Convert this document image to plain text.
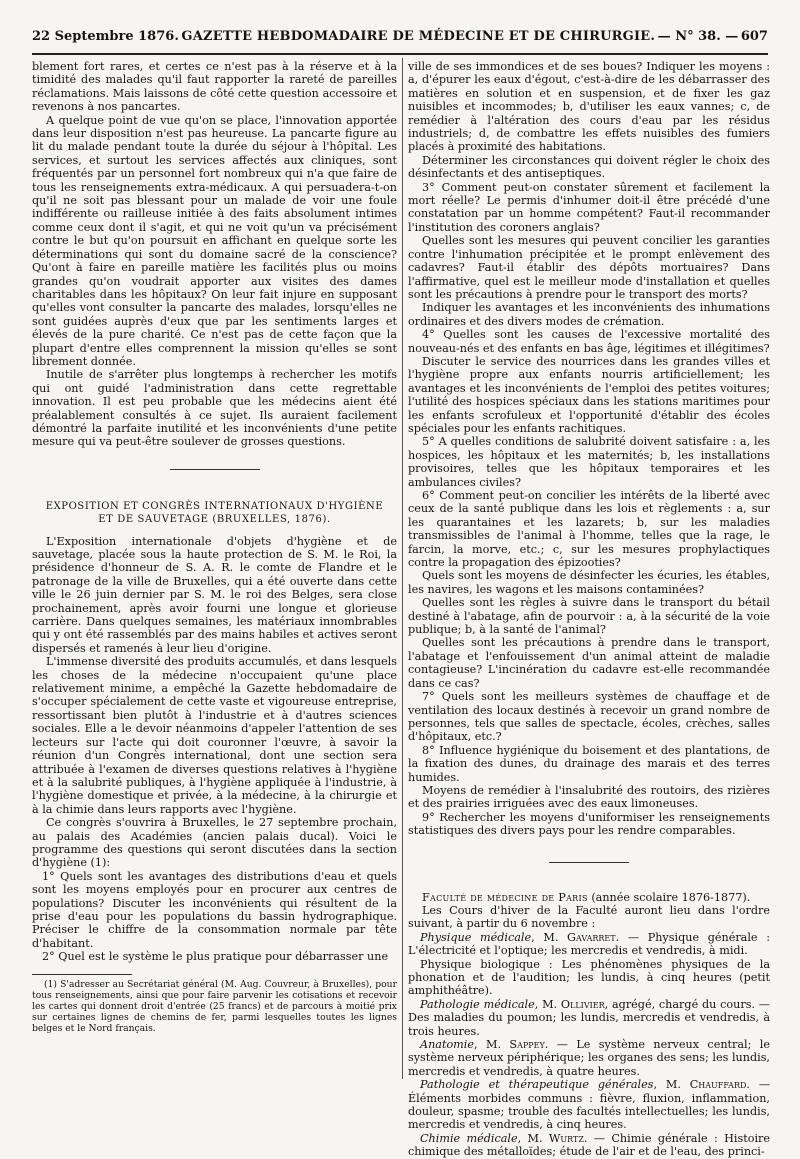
22 Septembre 1876. GAZETTE HEBDOMADAIRE DE MÉDECINE ET DE CHIRURGIE. — N° 38. — 607

blement fort rares, et certes ce n'est pas à la réserve et à la timidité des malades qu'il faut rapporter la rareté de pareilles réclamations. Mais laissons de côté cette question accessoire et revenons à nos pancartes.

A quelque point de vue qu'on se place, l'innovation apportée dans leur disposition n'est pas heureuse. La pancarte figure au lit du malade pendant toute la durée du séjour à l'hôpital. Les services, et surtout les services affectés aux cliniques, sont fréquentés par un personnel fort nombreux qui n'a que faire de tous les renseignements extra-médicaux. A qui persuadera-t-on qu'il ne soit pas blessant pour un malade de voir une foule indifférente ou railleuse initiée à des faits absolument intimes comme ceux dont il s'agit, et qui ne voit qu'un va précisément contre le but qu'on poursuit en affichant en quelque sorte les déterminations qui sont du domaine sacré de la conscience? Qu'ont à faire en pareille matière les facilités plus ou moins grandes qu'on voudrait apporter aux visites des dames charitables dans les hôpitaux? On leur fait injure en supposant qu'elles vont consulter la pancarte des malades, lorsqu'elles ne sont guidées auprès d'eux que par les sentiments larges et élevés de la pure charité. Ce n'est pas de cette façon que la plupart d'entre elles comprennent la mission qu'elles se sont librement donnée.

Inutile de s'arrêter plus longtemps à rechercher les motifs qui ont guidé l'administration dans cette regrettable innovation. Il est peu probable que les médecins aient été préalablement consultés à ce sujet. Ils auraient facilement démontré la parfaite inutilité et les inconvénients d'une petite mesure qui va peut-être soulever de grosses questions.

EXPOSITION ET CONGRÈS INTERNATIONAUX D'HYGIÈNE
ET DE SAUVETAGE (BRUXELLES, 1876).

L'Exposition internationale d'objets d'hygiène et de sauvetage, placée sous la haute protection de S. M. le Roi, la présidence d'honneur de S. A. R. le comte de Flandre et le patronage de la ville de Bruxelles, qui a été ouverte dans cette ville le 26 juin dernier par S. M. le roi des Belges, sera close prochainement, après avoir fourni une longue et glorieuse carrière. Dans quelques semaines, les matériaux innombrables qui y ont été rassemblés par des mains habiles et actives seront dispersés et ramenés à leur lieu d'origine.

L'immense diversité des produits accumulés, et dans lesquels les choses de la médecine n'occupaient qu'une place relativement minime, a empêché la Gazette hebdomadaire de s'occuper spécialement de cette vaste et vigoureuse entreprise, ressortissant bien plutôt à l'industrie et à d'autres sciences sociales. Elle a le devoir néanmoins d'appeler l'attention de ses lecteurs sur l'acte qui doit couronner l'œuvre, à savoir la réunion d'un Congrès international, dont une section sera attribuée à l'examen de diverses questions relatives à l'hygiène et à la salubrité publiques, à l'hygiène appliquée à l'industrie, à l'hygiène domestique et privée, à la médecine, à la chirurgie et à la chimie dans leurs rapports avec l'hygiène.

Ce congrès s'ouvrira à Bruxelles, le 27 septembre prochain, au palais des Académies (ancien palais ducal). Voici le programme des questions qui seront discutées dans la section d'hygiène (1):

1° Quels sont les avantages des distributions d'eau et quels sont les moyens employés pour en procurer aux centres de populations? Discuter les inconvénients qui résultent de la prise d'eau pour les populations du bassin hydrographique. Préciser le chiffre de la consommation normale par tête d'habitant.

2° Quel est le système le plus pratique pour débarrasser une

(1) S'adresser au Secrétariat général (M. Aug. Couvreur, à Bruxelles), pour tous renseignements, ainsi que pour faire parvenir les cotisations et recevoir les cartes qui donnent droit d'entrée (25 francs) et de parcours à moitié prix sur certaines lignes de chemins de fer, parmi lesquelles toutes les lignes belges et le Nord français.

ville de ses immondices et de ses boues? Indiquer les moyens : a, d'épurer les eaux d'égout, c'est-à-dire de les débarrasser des matières en solution et en suspension, et de fixer les gaz nuisibles et incommodes; b, d'utiliser les eaux vannes; c, de remédier à l'altération des cours d'eau par les résidus industriels; d, de combattre les effets nuisibles des fumiers placés à proximité des habitations.

Déterminer les circonstances qui doivent régler le choix des désinfectants et des antiseptiques.

3° Comment peut-on constater sûrement et facilement la mort réelle? Le permis d'inhumer doit-il être précédé d'une constatation par un homme compétent? Faut-il recommander l'institution des coroners anglais?

Quelles sont les mesures qui peuvent concilier les garanties contre l'inhumation précipitée et le prompt enlèvement des cadavres? Faut-il établir des dépôts mortuaires? Dans l'affirmative, quel est le meilleur mode d'installation et quelles sont les précautions à prendre pour le transport des morts?

Indiquer les avantages et les inconvénients des inhumations ordinaires et des divers modes de crémation.

4° Quelles sont les causes de l'excessive mortalité des nouveau-nés et des enfants en bas âge, légitimes et illégitimes?

Discuter le service des nourrices dans les grandes villes et l'hygiène propre aux enfants nourris artificiellement; les avantages et les inconvénients de l'emploi des petites voitures; l'utilité des hospices spéciaux dans les stations maritimes pour les enfants scrofuleux et l'opportunité d'établir des écoles spéciales pour les enfants rachitiques.

5° A quelles conditions de salubrité doivent satisfaire : a, les hospices, les hôpitaux et les maternités; b, les installations provisoires, telles que les hôpitaux temporaires et les ambulances civiles?

6° Comment peut-on concilier les intérêts de la liberté avec ceux de la santé publique dans les lois et règlements : a, sur les quarantaines et les lazarets; b, sur les maladies transmissibles de l'animal à l'homme, telles que la rage, le farcin, la morve, etc.; c, sur les mesures prophylactiques contre la propagation des épizooties?

Quels sont les moyens de désinfecter les écuries, les étables, les navires, les wagons et les maisons contaminées?

Quelles sont les règles à suivre dans le transport du bétail destiné à l'abatage, afin de pourvoir : a, à la sécurité de la voie publique; b, à la santé de l'animal?

Quelles sont les précautions à prendre dans le transport, l'abatage et l'enfouissement d'un animal atteint de maladie contagieuse? L'incinération du cadavre est-elle recommandée dans ce cas?

7° Quels sont les meilleurs systèmes de chauffage et de ventilation des locaux destinés à recevoir un grand nombre de personnes, tels que salles de spectacle, écoles, crèches, salles d'hôpitaux, etc.?

8° Influence hygiénique du boisement et des plantations, de la fixation des dunes, du drainage des marais et des terres humides.

Moyens de remédier à l'insalubrité des routoirs, des rizières et des prairies irriguées avec des eaux limoneuses.

9° Rechercher les moyens d'uniformiser les renseignements statistiques des divers pays pour les rendre comparables.

Faculté de médecine de Paris (année scolaire 1876-1877).

Les Cours d'hiver de la Faculté auront lieu dans l'ordre suivant, à partir du 6 novembre :

Physique médicale, M. Gavarret. — Physique générale : L'électricité et l'optique; les mercredis et vendredis, à midi.

Physique biologique : Les phénomènes physiques de la phonation et de l'audition; les lundis, à cinq heures (petit amphithéâtre).

Pathologie médicale, M. Ollivier, agrégé, chargé du cours. — Des maladies du poumon; les lundis, mercredis et vendredis, à trois heures.

Anatomie, M. Sappey. — Le système nerveux central; le système nerveux périphérique; les organes des sens; les lundis, mercredis et vendredis, à quatre heures.

Pathologie et thérapeutique générales, M. Chauffard. — Éléments morbides communs : fièvre, fluxion, inflammation, douleur, spasme; trouble des facultés intellectuelles; les lundis, mercredis et vendredis, à cinq heures.

Chimie médicale, M. Wurtz. — Chimie générale : Histoire chimique des métalloïdes; étude de l'air et de l'eau, des princi-
